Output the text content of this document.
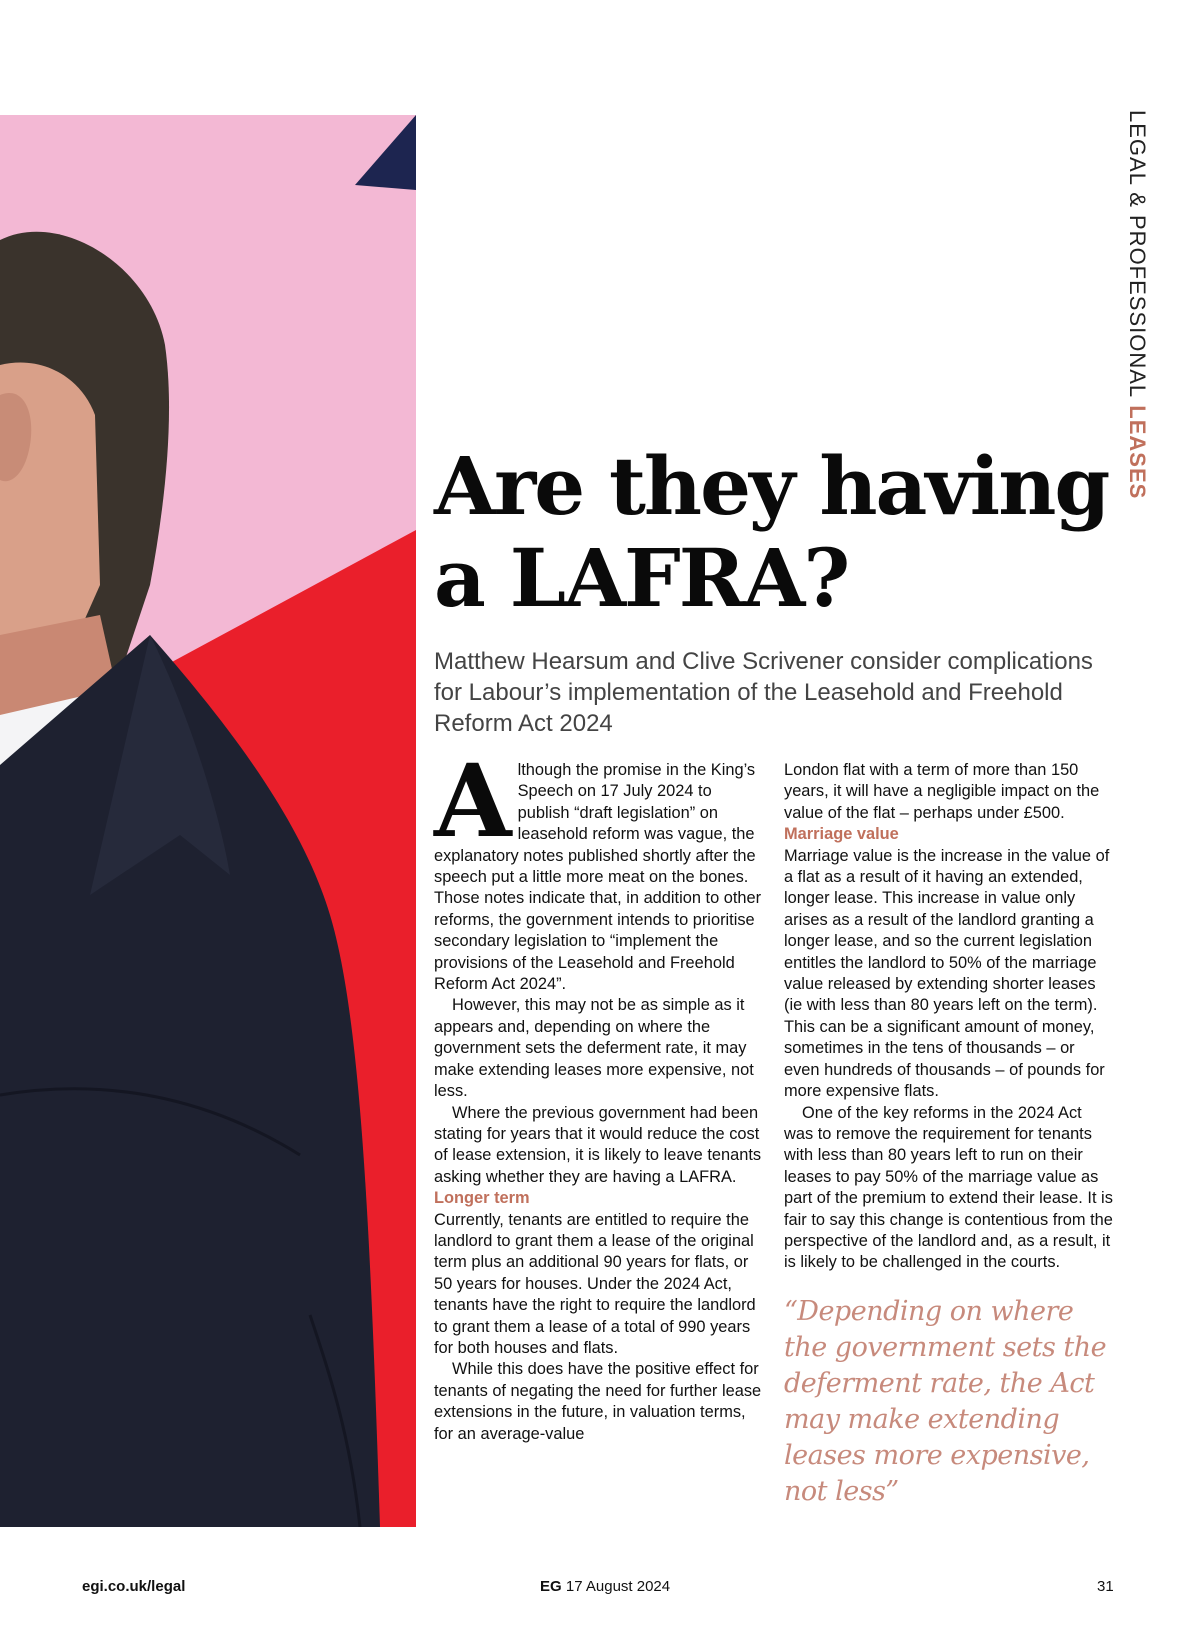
LEGAL & PROFESSIONAL LEASES
Are they having
a LAFRA?

Matthew Hearsum and Clive Scrivener consider complications for Labour’s implementation of the Leasehold and Freehold Reform Act 2024

Although the promise in the King’s Speech on 17 July 2024 to publish “draft legislation” on leasehold reform was vague, the explanatory notes published shortly after the speech put a little more meat on the bones. Those notes indicate that, in addition to other reforms, the government intends to prioritise secondary legislation to “implement the provisions of the Leasehold and Freehold Reform Act 2024”.

However, this may not be as simple as it appears and, depending on where the government sets the deferment rate, it may make extending leases more expensive, not less.

Where the previous government had been stating for years that it would reduce the cost of lease extension, it is likely to leave tenants asking whether they are having a LAFRA.

Longer term

Currently, tenants are entitled to require the landlord to grant them a lease of the original term plus an additional 90 years for flats, or 50 years for houses. Under the 2024 Act, tenants have the right to require the landlord to grant them a lease of a total of 990 years for both houses and flats.

While this does have the positive effect for tenants of negating the need for further lease extensions in the future, in valuation terms, for an average-value

London flat with a term of more than 150 years, it will have a negligible impact on the value of the flat – perhaps under £500.

Marriage value

Marriage value is the increase in the value of a flat as a result of it having an extended, longer lease. This increase in value only arises as a result of the landlord granting a longer lease, and so the current legislation entitles the landlord to 50% of the marriage value released by extending shorter leases (ie with less than 80 years left on the term). This can be a significant amount of money, sometimes in the tens of thousands – or even hundreds of thousands – of pounds for more expensive flats.

One of the key reforms in the 2024 Act was to remove the requirement for tenants with less than 80 years left to run on their leases to pay 50% of the marriage value as part of the premium to extend their lease. It is fair to say this change is contentious from the perspective of the landlord and, as a result, it is likely to be challenged in the courts.

“Depending on where the government sets the deferment rate, the Act may make extending leases more expensive, not less”
egi.co.uk/legal	EG 17 August 2024	31
